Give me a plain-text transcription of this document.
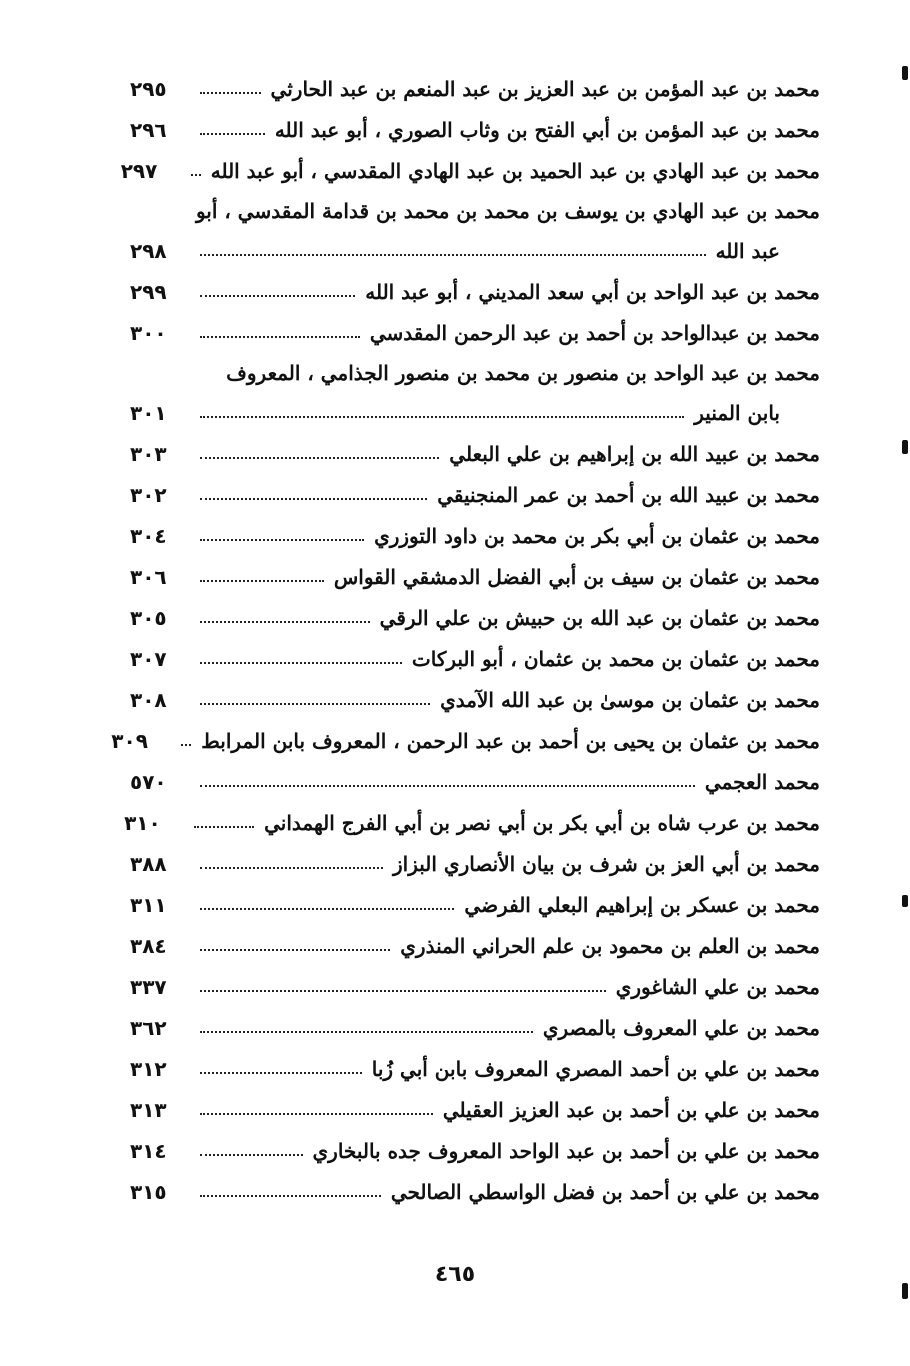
محمد بن عبد المؤمن بن عبد العزيز بن عبد المنعم بن عبد الحارثي
٢٩٥
محمد بن عبد المؤمن بن أبي الفتح بن وثاب الصوري ، أبو عبد الله
٢٩٦
محمد بن عبد الهادي بن عبد الحميد بن عبد الهادي المقدسي ، أبو عبد الله
٢٩٧
محمد بن عبد الهادي بن يوسف بن محمد بن محمد بن قدامة المقدسي ، أبو
عبد الله
٢٩٨
محمد بن عبد الواحد بن أبي سعد المديني ، أبو عبد الله
٢٩٩
محمد بن عبدالواحد بن أحمد بن عبد الرحمن المقدسي
٣٠٠
محمد بن عبد الواحد بن منصور بن محمد بن منصور الجذامي ، المعروف
بابن المنير
٣٠١
محمد بن عبيد الله بن إبراهيم بن علي البعلي
٣٠٣
محمد بن عبيد الله بن أحمد بن عمر المنجنيقي
٣٠٢
محمد بن عثمان بن أبي بكر بن محمد بن داود التوزري
٣٠٤
محمد بن عثمان بن سيف بن أبي الفضل الدمشقي القواس
٣٠٦
محمد بن عثمان بن عبد الله بن حبيش بن علي الرقي
٣٠٥
محمد بن عثمان بن محمد بن عثمان ، أبو البركات
٣٠٧
محمد بن عثمان بن موسىٰ بن عبد الله الآمدي
٣٠٨
محمد بن عثمان بن يحيى بن أحمد بن عبد الرحمن ، المعروف بابن المرابط
٣٠٩
محمد العجمي
٥٧٠
محمد بن عرب شاه بن أبي بكر بن أبي نصر بن أبي الفرج الهمداني
٣١٠
محمد بن أبي العز بن شرف بن بيان الأنصاري البزاز
٣٨٨
محمد بن عسكر بن إبراهيم البعلي الفرضي
٣١١
محمد بن العلم بن محمود بن علم الحراني المنذري
٣٨٤
محمد بن علي الشاغوري
٣٣٧
محمد بن علي المعروف بالمصري
٣٦٢
محمد بن علي بن أحمد المصري المعروف بابن أبي زُبا
٣١٢
محمد بن علي بن أحمد بن عبد العزيز العقيلي
٣١٣
محمد بن علي بن أحمد بن عبد الواحد المعروف جده بالبخاري
٣١٤
محمد بن علي بن أحمد بن فضل الواسطي الصالحي
٣١٥
٤٦٥
